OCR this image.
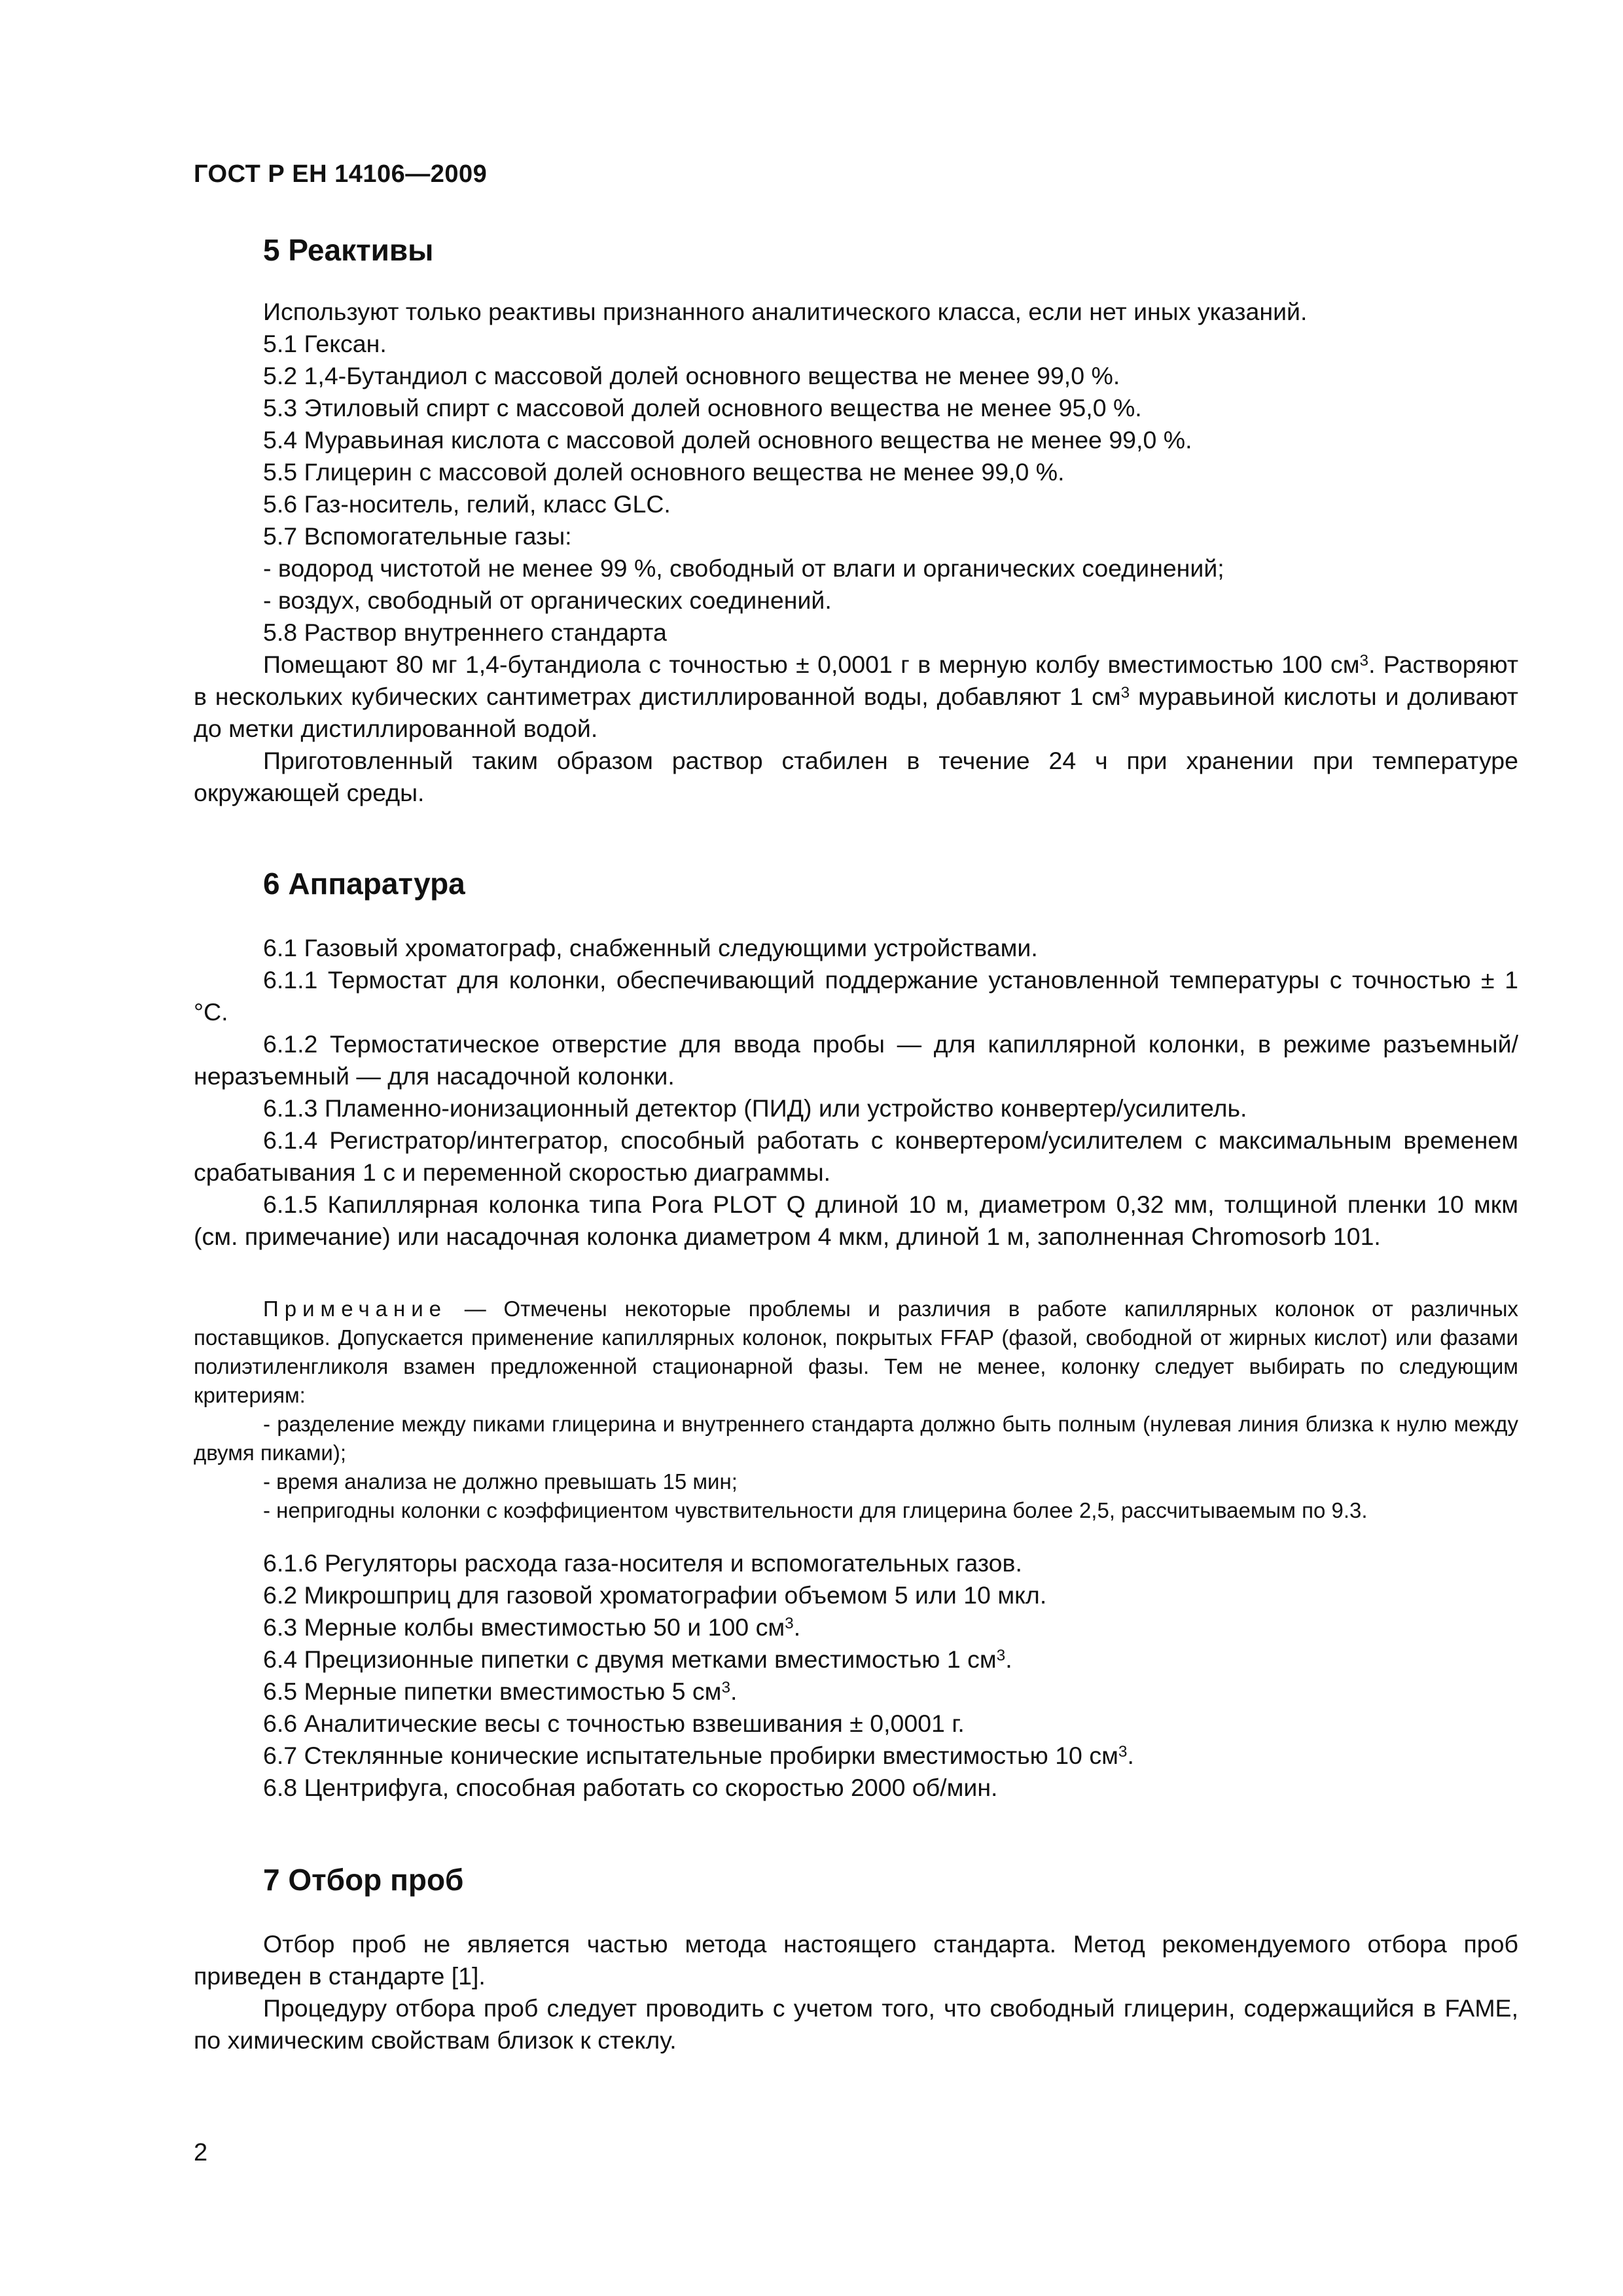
ГОСТ Р ЕН 14106—2009
5 Реактивы

Используют только реактивы признанного аналитического класса, если нет иных указаний.

5.1 Гексан.

5.2 1,4-Бутандиол с массовой долей основного вещества не менее 99,0 %.

5.3 Этиловый спирт с массовой долей основного вещества не менее 95,0 %.

5.4 Муравьиная кислота с массовой долей основного вещества не менее 99,0 %.

5.5 Глицерин с массовой долей основного вещества не менее 99,0 %.

5.6 Газ-носитель, гелий, класс GLC.

5.7 Вспомогательные газы:

- водород чистотой не менее 99 %, свободный от влаги и органических соединений;

- воздух, свободный от органических соединений.

5.8 Раствор внутреннего стандарта

Помещают 80 мг 1,4-бутандиола с точностью ± 0,0001 г в мерную колбу вместимостью 100 $см^3$. Растворяют в нескольких кубических сантиметрах дистиллированной воды, добавляют 1 $см^3$ муравьиной кислоты и доливают до метки дистиллированной водой.

Приготовленный таким образом раствор стабилен в течение 24 ч при хранении при температуре окружающей среды.

6 Аппаратура

6.1 Газовый хроматограф, снабженный следующими устройствами.

6.1.1 Термостат для колонки, обеспечивающий поддержание установленной температуры с точностью ± 1 °С.

6.1.2 Термостатическое отверстие для ввода пробы — для капиллярной колонки, в режиме разъемный/неразъемный — для насадочной колонки.

6.1.3 Пламенно-ионизационный детектор (ПИД) или устройство конвертер/усилитель.

6.1.4 Регистратор/интегратор, способный работать с конвертером/усилителем с максимальным временем срабатывания 1 с и переменной скоростью диаграммы.

6.1.5 Капиллярная колонка типа Pora PLOT Q длиной 10 м, диаметром 0,32 мм, толщиной пленки 10 мкм (см. примечание) или насадочная колонка диаметром 4 мкм, длиной 1 м, заполненная Chromosorb 101.

Примечание — Отмечены некоторые проблемы и различия в работе капиллярных колонок от различных поставщиков. Допускается применение капиллярных колонок, покрытых FFAP (фазой, свободной от жирных кислот) или фазами полиэтиленгликоля взамен предложенной стационарной фазы. Тем не менее, колонку следует выбирать по следующим критериям:

- разделение между пиками глицерина и внутреннего стандарта должно быть полным (нулевая линия близка к нулю между двумя пиками);

- время анализа не должно превышать 15 мин;

- непригодны колонки с коэффициентом чувствительности для глицерина более 2,5, рассчитываемым по 9.3.

6.1.6 Регуляторы расхода газа-носителя и вспомогательных газов.

6.2 Микрошприц для газовой хроматографии объемом 5 или 10 мкл.

6.3 Мерные колбы вместимостью 50 и 100 $см^3$.

6.4 Прецизионные пипетки с двумя метками вместимостью 1 $см^3$.

6.5 Мерные пипетки вместимостью 5 $см^3$.

6.6 Аналитические весы с точностью взвешивания ± 0,0001 г.

6.7 Стеклянные конические испытательные пробирки вместимостью 10 $см^3$.

6.8 Центрифуга, способная работать со скоростью 2000 об/мин.

7 Отбор проб

Отбор проб не является частью метода настоящего стандарта. Метод рекомендуемого отбора проб приведен в стандарте [1].

Процедуру отбора проб следует проводить с учетом того, что свободный глицерин, содержащийся в FAME, по химическим свойствам близок к стеклу.

2
